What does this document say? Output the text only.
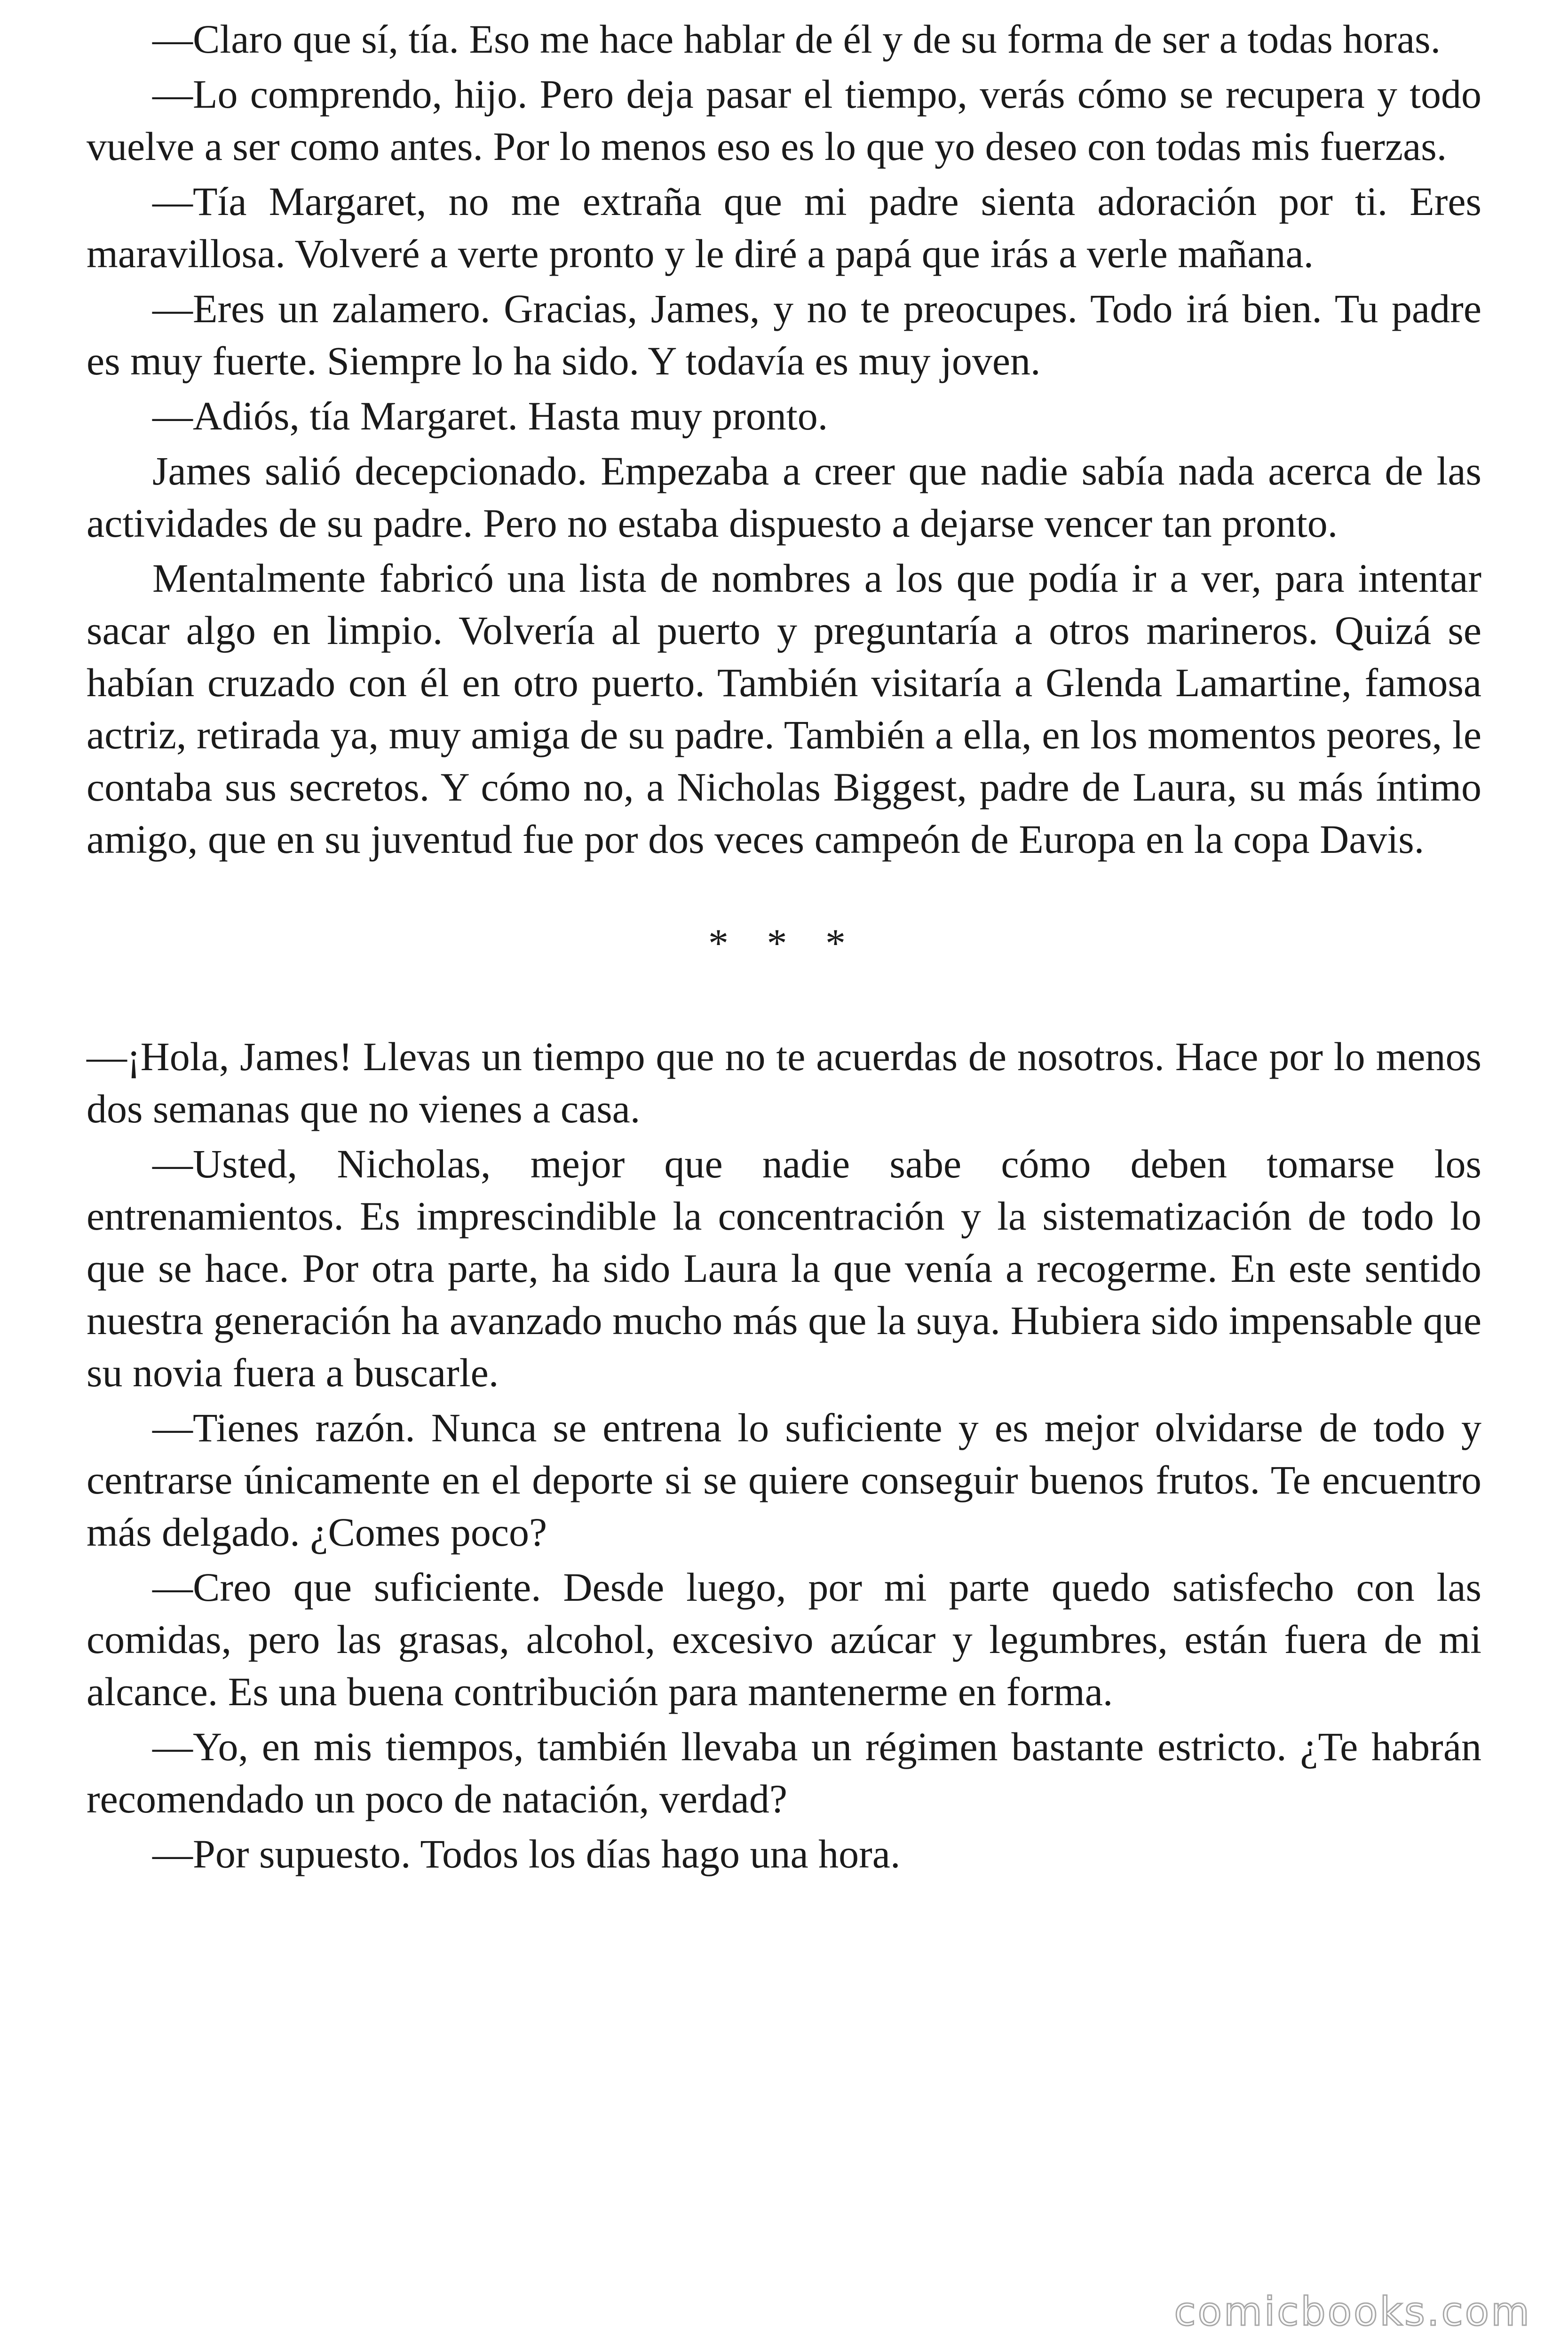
—Claro que sí, tía. Eso me hace hablar de él y de su forma de ser a todas horas.

—Lo comprendo, hijo. Pero deja pasar el tiempo, verás cómo se recupera y todo vuelve a ser como antes. Por lo menos eso es lo que yo deseo con todas mis fuerzas.

—Tía Margaret, no me extraña que mi padre sienta adoración por ti. Eres maravillosa. Volveré a verte pronto y le diré a papá que irás a verle mañana.

—Eres un zalamero. Gracias, James, y no te preocupes. Todo irá bien. Tu padre es muy fuerte. Siempre lo ha sido. Y todavía es muy joven.

—Adiós, tía Margaret. Hasta muy pronto.

James salió decepcionado. Empezaba a creer que nadie sabía nada acerca de las actividades de su padre. Pero no estaba dispuesto a dejarse vencer tan pronto.

Mentalmente fabricó una lista de nombres a los que podía ir a ver, para intentar sacar algo en limpio. Volvería al puerto y preguntaría a otros marineros. Quizá se habían cruzado con él en otro puerto. También visitaría a Glenda Lamartine, famosa actriz, retirada ya, muy amiga de su padre. También a ella, en los momentos peores, le contaba sus secretos. Y cómo no, a Nicholas Biggest, padre de Laura, su más íntimo amigo, que en su juventud fue por dos veces campeón de Europa en la copa Davis.

* * *

—¡Hola, James! Llevas un tiempo que no te acuerdas de nosotros. Hace por lo menos dos semanas que no vienes a casa.

—Usted, Nicholas, mejor que nadie sabe cómo deben tomarse los entrenamientos. Es imprescindible la concentración y la sistematización de todo lo que se hace. Por otra parte, ha sido Laura la que venía a recogerme. En este sentido nuestra generación ha avanzado mucho más que la suya. Hubiera sido impensable que su novia fuera a buscarle.

—Tienes razón. Nunca se entrena lo suficiente y es mejor olvidarse de todo y centrarse únicamente en el deporte si se quiere conseguir buenos frutos. Te encuentro más delgado. ¿Comes poco?

—Creo que suficiente. Desde luego, por mi parte quedo satisfecho con las comidas, pero las grasas, alcohol, excesivo azúcar y legumbres, están fuera de mi alcance. Es una buena contribución para mantenerme en forma.

—Yo, en mis tiempos, también llevaba un régimen bastante estricto. ¿Te habrán recomendado un poco de natación, verdad?

—Por supuesto. Todos los días hago una hora.

comicbooks.com
